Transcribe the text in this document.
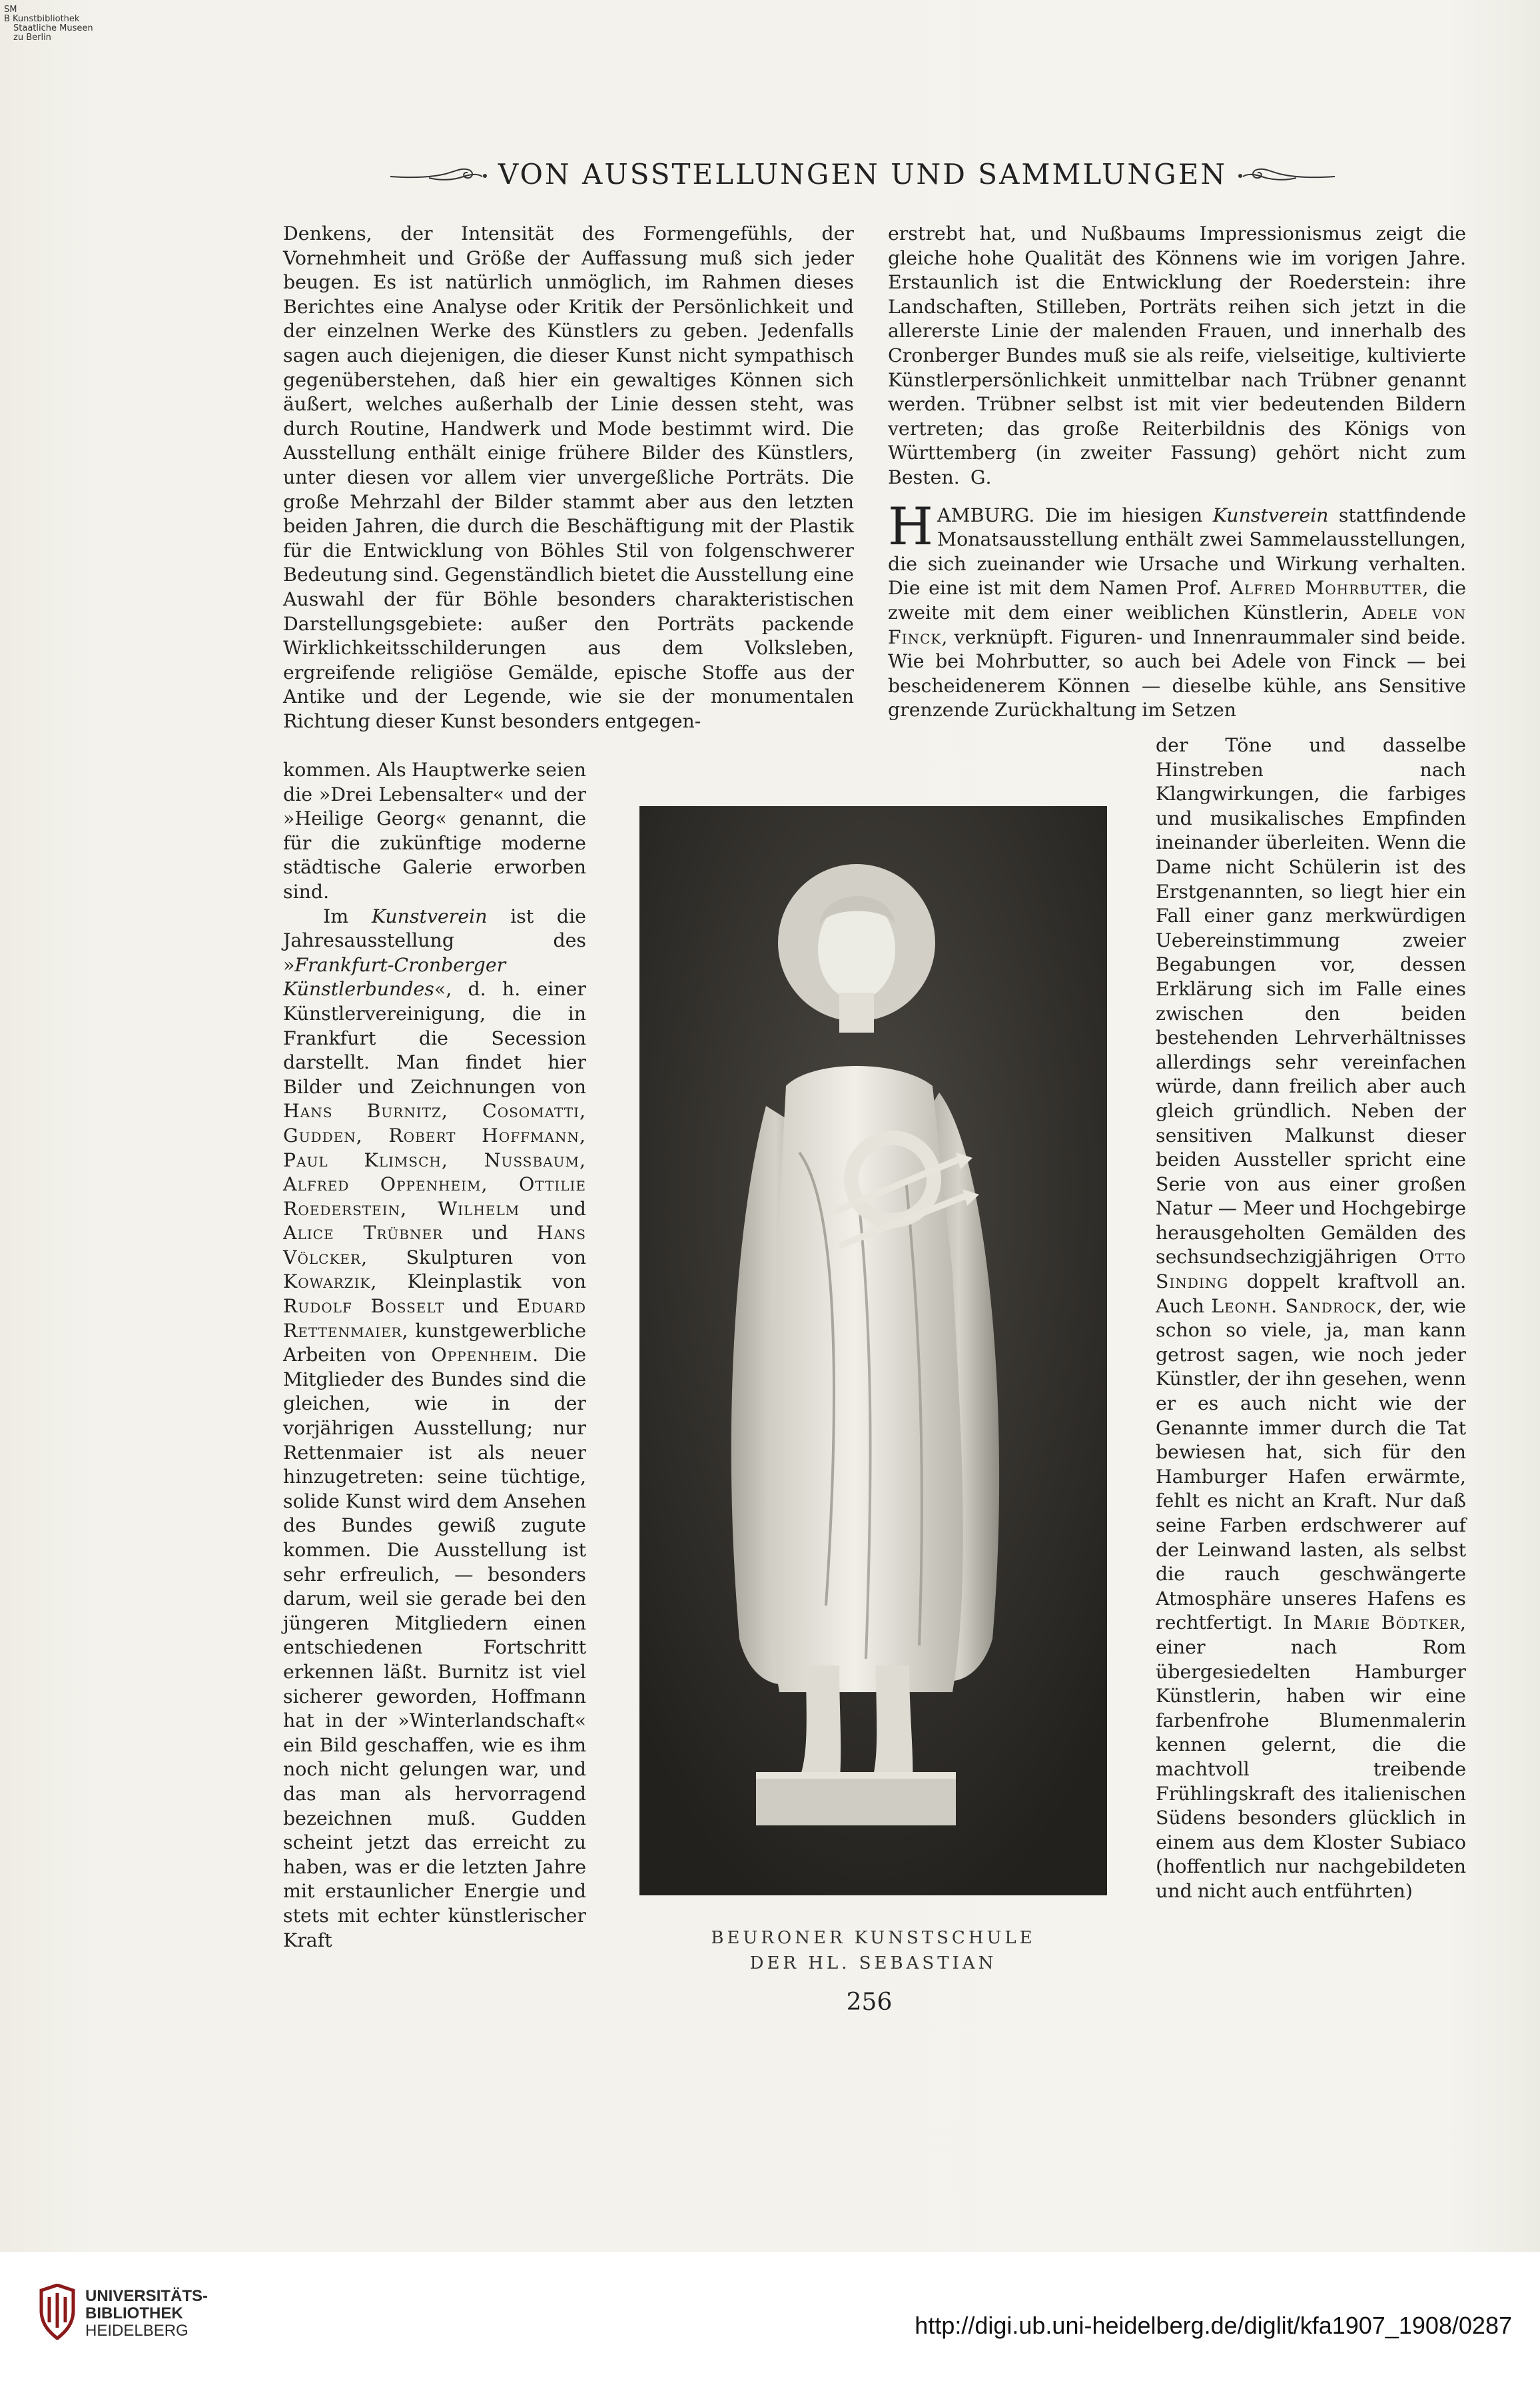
SM
B Kunstbibliothek
Staatliche Museen
zu Berlin
VON AUSSTELLUNGEN UND SAMMLUNGEN

Denkens, der Intensität des Formengefühls, der Vornehmheit und Größe der Auffassung muß sich jeder beugen. Es ist natürlich unmöglich, im Rahmen dieses Berichtes eine Analyse oder Kritik der Persönlichkeit und der einzelnen Werke des Künstlers zu geben. Jedenfalls sagen auch diejenigen, die dieser Kunst nicht sympathisch gegenüberstehen, daß hier ein gewaltiges Können sich äußert, welches außerhalb der Linie dessen steht, was durch Routine, Handwerk und Mode bestimmt wird. Die Ausstellung enthält einige frühere Bilder des Künstlers, unter diesen vor allem vier unvergeßliche Porträts. Die große Mehrzahl der Bilder stammt aber aus den letzten beiden Jahren, die durch die Beschäftigung mit der Plastik für die Entwicklung von Böhles Stil von folgenschwerer Bedeutung sind. Gegenständlich bietet die Ausstellung eine Auswahl der für Böhle besonders charakteristischen Darstellungsgebiete: außer den Porträts packende Wirklichkeitsschilderungen aus dem Volksleben, ergreifende religiöse Gemälde, epische Stoffe aus der Antike und der Legende, wie sie der monumentalen Richtung dieser Kunst besonders entgegen-

kommen. Als Hauptwerke seien die »Drei Lebensalter« und der »Heilige Georg« genannt, die für die zukünftige moderne städtische Galerie erworben sind.

Im Kunstverein ist die Jahresausstellung des »Frankfurt-Cronberger Künstlerbundes«, d. h. einer Künstlervereinigung, die in Frankfurt die Secession darstellt. Man findet hier Bilder und Zeichnungen von Hans Burnitz, Cosomatti, Gudden, Robert Hoffmann, Paul Klimsch, Nussbaum, Alfred Oppenheim, Ottilie Roederstein, Wilhelm und Alice Trübner und Hans Völcker, Skulpturen von Kowarzik, Kleinplastik von Rudolf Bosselt und Eduard Rettenmaier, kunstgewerbliche Arbeiten von Oppenheim. Die Mitglieder des Bundes sind die gleichen, wie in der vorjährigen Ausstellung; nur Rettenmaier ist als neuer hinzugetreten: seine tüchtige, solide Kunst wird dem Ansehen des Bundes gewiß zugute kommen. Die Ausstellung ist sehr erfreulich, — besonders darum, weil sie gerade bei den jüngeren Mitgliedern einen entschiedenen Fortschritt erkennen läßt. Burnitz ist viel sicherer geworden, Hoffmann hat in der »Winterlandschaft« ein Bild geschaffen, wie es ihm noch nicht gelungen war, und das man als hervorragend bezeichnen muß. Gudden scheint jetzt das erreicht zu haben, was er die letzten Jahre mit erstaunlicher Energie und stets mit echter künstlerischer Kraft

erstrebt hat, und Nußbaums Impressionismus zeigt die gleiche hohe Qualität des Könnens wie im vorigen Jahre. Erstaunlich ist die Entwicklung der Roederstein: ihre Landschaften, Stilleben, Porträts reihen sich jetzt in die allererste Linie der malenden Frauen, und innerhalb des Cronberger Bundes muß sie als reife, vielseitige, kultivierte Künstlerpersönlichkeit unmittelbar nach Trübner genannt werden. Trübner selbst ist mit vier bedeutenden Bildern vertreten; das große Reiterbildnis des Königs von Württemberg (in zweiter Fassung) gehört nicht zum Besten. G.

HAMBURG. Die im hiesigen Kunstverein stattfindende Monatsausstellung enthält zwei Sammelausstellungen, die sich zueinander wie Ursache und Wirkung verhalten. Die eine ist mit dem Namen Prof. Alfred Mohrbutter, die zweite mit dem einer weiblichen Künstlerin, Adele von Finck, verknüpft. Figuren- und Innenraummaler sind beide. Wie bei Mohrbutter, so auch bei Adele von Finck — bei bescheidenerem Können — dieselbe kühle, ans Sensitive grenzende Zurückhaltung im Setzen

der Töne und dasselbe Hinstreben nach Klangwirkungen, die farbiges und musikalisches Empfinden ineinander überleiten. Wenn die Dame nicht Schülerin ist des Erstgenannten, so liegt hier ein Fall einer ganz merkwürdigen Uebereinstimmung zweier Begabungen vor, dessen Erklärung sich im Falle eines zwischen den beiden bestehenden Lehrverhältnisses allerdings sehr vereinfachen würde, dann freilich aber auch gleich gründlich. Neben der sensitiven Malkunst dieser beiden Aussteller spricht eine Serie von aus einer großen Natur — Meer und Hochgebirge herausgeholten Gemälden des sechsundsechzigjährigen Otto Sinding doppelt kraftvoll an. Auch Leonh. Sandrock, der, wie schon so viele, ja, man kann getrost sagen, wie noch jeder Künstler, der ihn gesehen, wenn er es auch nicht wie der Genannte immer durch die Tat bewiesen hat, sich für den Hamburger Hafen erwärmte, fehlt es nicht an Kraft. Nur daß seine Farben erdschwerer auf der Leinwand lasten, als selbst die rauch geschwängerte Atmosphäre unseres Hafens es rechtfertigt. In Marie Bödtker, einer nach Rom übergesiedelten Hamburger Künstlerin, haben wir eine farbenfrohe Blumenmalerin kennen gelernt, die die machtvoll treibende Frühlingskraft des italienischen Südens besonders glücklich in einem aus dem Kloster Subiaco (hoffentlich nur nachgebildeten und nicht auch entführten)

BEURONER KUNSTSCHULE
DER HL. SEBASTIAN
256
UNIVERSITÄTS-
BIBLIOTHEK
HEIDELBERG	http://digi.ub.uni-heidelberg.de/diglit/kfa1907_1908/0287
